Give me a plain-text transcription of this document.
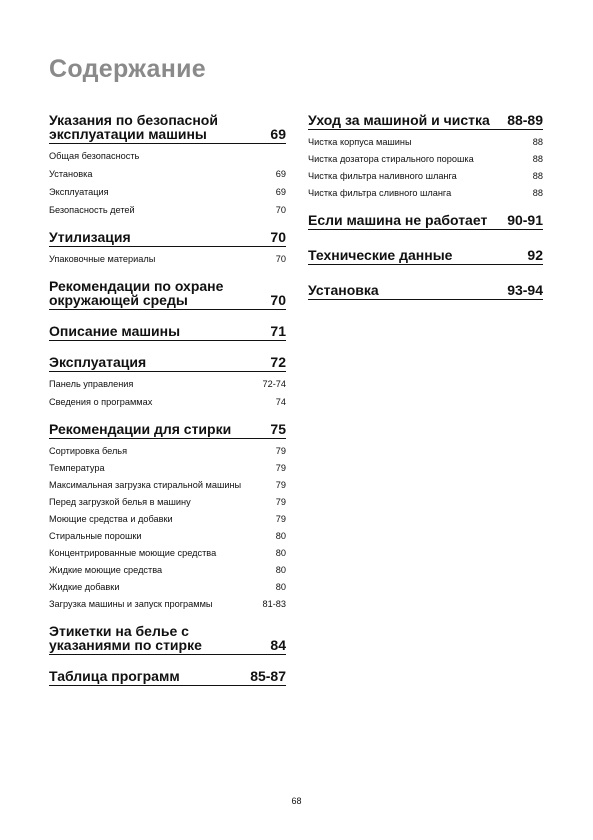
Содержание
Указания по безопасной эксплуатации машины	69
Общая безопасность
Установка	69
Эксплуатация	69
Безопасность детей	70
Утилизация	70
Упаковочные материалы	70
Рекомендации по охране окружающей среды	70
Описание машины	71
Эксплуатация	72
Панель управления	72-74
Сведения о программах	74
Рекомендации для стирки	75
Сортировка белья	79
Температура	79
Максимальная загрузка стиральной машины	79
Перед загрузкой белья в машину	79
Моющие средства и добавки	79
Стиральные порошки	80
Концентрированные моющие средства	80
Жидкие моющие средства	80
Жидкие добавки	80
Загрузка машины и запуск программы	81-83
Этикетки на белье с указаниями по стирке	84
Таблица программ	85-87
Уход за машиной и чистка	88-89
Чистка корпуса машины	88
Чистка дозатора стирального порошка	88
Чистка фильтра наливного шланга	88
Чистка фильтра сливного шланга	88
Если машина не работает	90-91
Технические данные	92
Установка	93-94
68
